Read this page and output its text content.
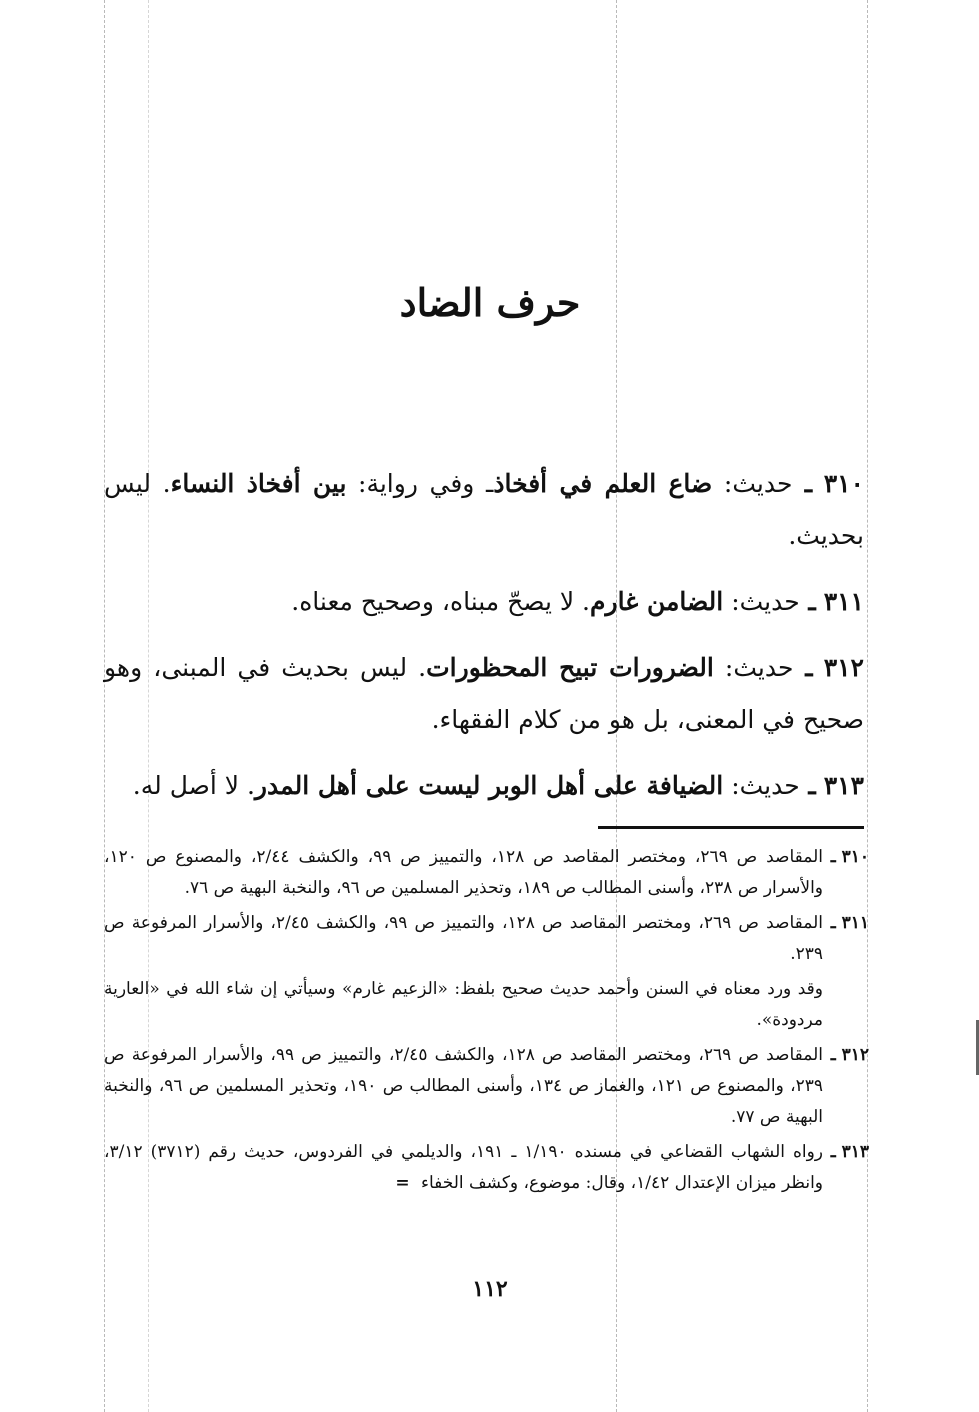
حرف الضاد

٣١٠ ـ حديث: ضاع العلم في أفخاذـ وفي رواية: بين أفخاذ النساء. ليس بحديث.

٣١١ ـ حديث: الضامن غارم. لا يصحّ مبناه، وصحيح معناه.

٣١٢ ـ حديث: الضرورات تبيح المحظورات. ليس بحديث في المبنى، وهو صحيح في المعنى، بل هو من كلام الفقهاء.

٣١٣ ـ حديث: الضيافة على أهل الوبر ليست على أهل المدر. لا أصل له.

٣١٠ ـ
المقاصد ص ٢٦٩، ومختصر المقاصد ص ١٢٨، والتمييز ص ٩٩، والكشف ٢/٤٤، والمصنوع ص ١٢٠، والأسرار ص ٢٣٨، وأسنى المطالب ص ١٨٩، وتحذير المسلمين ص ٩٦، والنخبة البهية ص ٧٦.

٣١١ ـ
المقاصد ص ٢٦٩، ومختصر المقاصد ص ١٢٨، والتمييز ص ٩٩، والكشف ٢/٤٥، والأسرار المرفوعة ص ٢٣٩.

وقد ورد معناه في السنن وأحمد حديث صحيح بلفظ: «الزعيم غارم» وسيأتي إن شاء الله في «العارية مردودة».

٣١٢ ـ
المقاصد ص ٢٦٩، ومختصر المقاصد ص ١٢٨، والكشف ٢/٤٥، والتمييز ص ٩٩، والأسرار المرفوعة ص ٢٣٩، والمصنوع ص ١٢١، والغماز ص ١٣٤، وأسنى المطالب ص ١٩٠، وتحذير المسلمين ص ٩٦، والنخبة البهية ص ٧٧.

٣١٣ ـ
رواه الشهاب القضاعي في مسنده ١/١٩٠ ـ ١٩١، والديلمي في الفردوس، حديث رقم (٣٧١٢) ٣/١٢، وانظر ميزان الإعتدال ١/٤٢، وقال: موضوع، وكشف الخفاء =

١١٢
